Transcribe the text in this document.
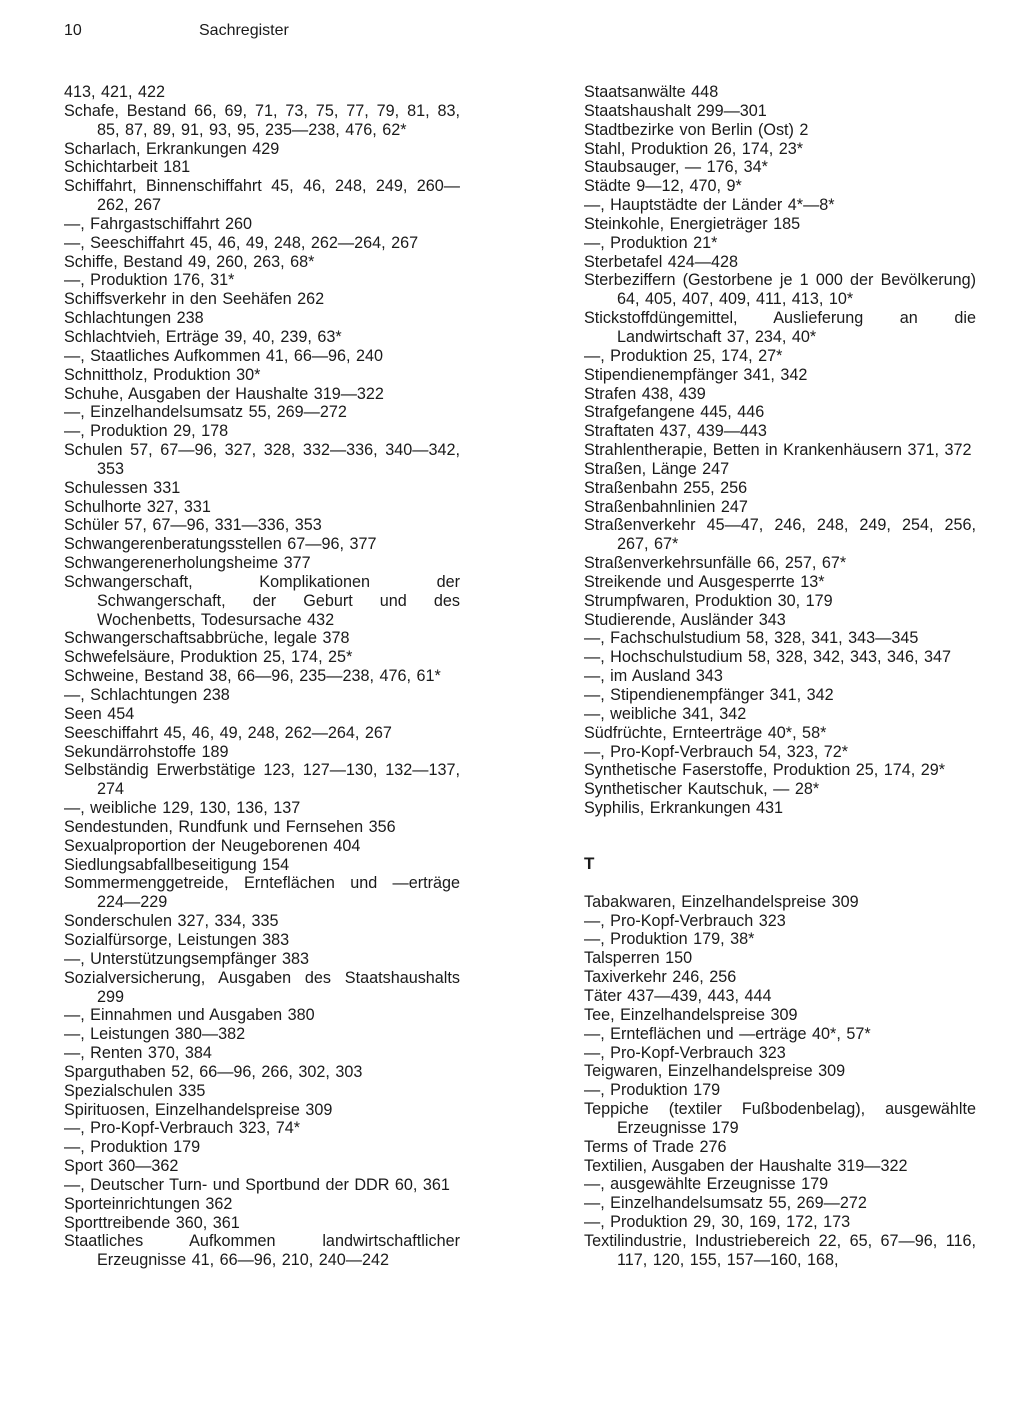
10	Sachregister

413, 421, 422

Schafe, Bestand 66, 69, 71, 73, 75, 77, 79, 81, 83, 85, 87, 89, 91, 93, 95, 235—238, 476, 62*

Scharlach, Erkrankungen 429

Schichtarbeit 181

Schiffahrt, Binnenschiffahrt 45, 46, 248, 249, 260—262, 267

—, Fahrgastschiffahrt 260

—, Seeschiffahrt 45, 46, 49, 248, 262—264, 267

Schiffe, Bestand 49, 260, 263, 68*

—, Produktion 176, 31*

Schiffsverkehr in den Seehäfen 262

Schlachtungen 238

Schlachtvieh, Erträge 39, 40, 239, 63*

—, Staatliches Aufkommen 41, 66—96, 240

Schnittholz, Produktion 30*

Schuhe, Ausgaben der Haushalte 319—322

—, Einzelhandelsumsatz 55, 269—272

—, Produktion 29, 178

Schulen 57, 67—96, 327, 328, 332—336, 340—342, 353

Schulessen 331

Schulhorte 327, 331

Schüler 57, 67—96, 331—336, 353

Schwangerenberatungsstellen 67—96, 377

Schwangerenerholungsheime 377

Schwangerschaft, Komplikationen der Schwangerschaft, der Geburt und des Wochenbetts, Todesursache 432

Schwangerschaftsabbrüche, legale 378

Schwefelsäure, Produktion 25, 174, 25*

Schweine, Bestand 38, 66—96, 235—238, 476, 61*

—, Schlachtungen 238

Seen 454

Seeschiffahrt 45, 46, 49, 248, 262—264, 267

Sekundärrohstoffe 189

Selbständig Erwerbstätige 123, 127—130, 132—137, 274

—, weibliche 129, 130, 136, 137

Sendestunden, Rundfunk und Fernsehen 356

Sexualproportion der Neugeborenen 404

Siedlungsabfallbeseitigung 154

Sommermenggetreide, Ernteflächen und —erträge 224—229

Sonderschulen 327, 334, 335

Sozialfürsorge, Leistungen 383

—, Unterstützungsempfänger 383

Sozialversicherung, Ausgaben des Staatshaushalts 299

—, Einnahmen und Ausgaben 380

—, Leistungen 380—382

—, Renten 370, 384

Sparguthaben 52, 66—96, 266, 302, 303

Spezialschulen 335

Spirituosen, Einzelhandelspreise 309

—, Pro-Kopf-Verbrauch 323, 74*

—, Produktion 179

Sport 360—362

—, Deutscher Turn- und Sportbund der DDR 60, 361

Sporteinrichtungen 362

Sporttreibende 360, 361

Staatliches Aufkommen landwirtschaftlicher Erzeugnisse 41, 66—96, 210, 240—242

Staatsanwälte 448

Staatshaushalt 299—301

Stadtbezirke von Berlin (Ost) 2

Stahl, Produktion 26, 174, 23*

Staubsauger, — 176, 34*

Städte 9—12, 470, 9*

—, Hauptstädte der Länder 4*—8*

Steinkohle, Energieträger 185

—, Produktion 21*

Sterbetafel 424—428

Sterbeziffern (Gestorbene je 1 000 der Bevölkerung) 64, 405, 407, 409, 411, 413, 10*

Stickstoffdüngemittel, Auslieferung an die Landwirtschaft 37, 234, 40*

—, Produktion 25, 174, 27*

Stipendienempfänger 341, 342

Strafen 438, 439

Strafgefangene 445, 446

Straftaten 437, 439—443

Strahlentherapie, Betten in Krankenhäusern 371, 372

Straßen, Länge 247

Straßenbahn 255, 256

Straßenbahnlinien 247

Straßenverkehr 45—47, 246, 248, 249, 254, 256, 267, 67*

Straßenverkehrsunfälle 66, 257, 67*

Streikende und Ausgesperrte 13*

Strumpfwaren, Produktion 30, 179

Studierende, Ausländer 343

—, Fachschulstudium 58, 328, 341, 343—345

—, Hochschulstudium 58, 328, 342, 343, 346, 347

—, im Ausland 343

—, Stipendienempfänger 341, 342

—, weibliche 341, 342

Südfrüchte, Ernteerträge 40*, 58*

—, Pro-Kopf-Verbrauch 54, 323, 72*

Synthetische Faserstoffe, Produktion 25, 174, 29*

Synthetischer Kautschuk, — 28*

Syphilis, Erkrankungen 431

T

Tabakwaren, Einzelhandelspreise 309

—, Pro-Kopf-Verbrauch 323

—, Produktion 179, 38*

Talsperren 150

Taxiverkehr 246, 256

Täter 437—439, 443, 444

Tee, Einzelhandelspreise 309

—, Ernteflächen und —erträge 40*, 57*

—, Pro-Kopf-Verbrauch 323

Teigwaren, Einzelhandelspreise 309

—, Produktion 179

Teppiche (textiler Fußbodenbelag), ausgewählte Erzeugnisse 179

Terms of Trade 276

Textilien, Ausgaben der Haushalte 319—322

—, ausgewählte Erzeugnisse 179

—, Einzelhandelsumsatz 55, 269—272

—, Produktion 29, 30, 169, 172, 173

Textilindustrie, Industriebereich 22, 65, 67—96, 116, 117, 120, 155, 157—160, 168,
